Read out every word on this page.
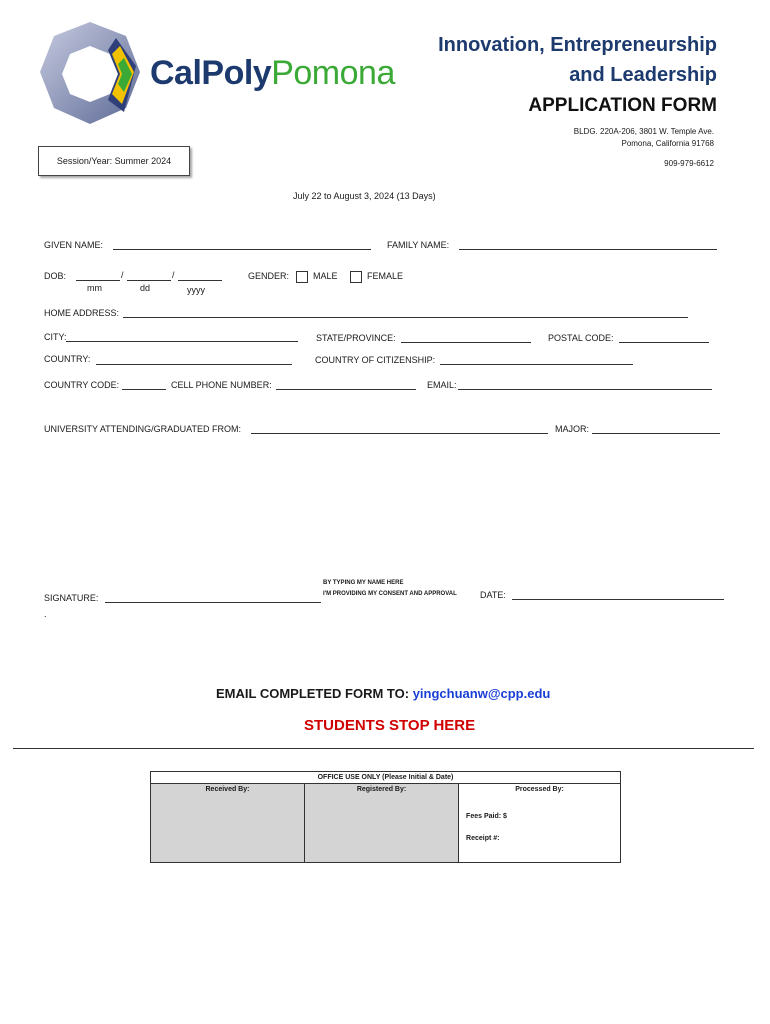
CalPolyPomona
Innovation, Entrepreneurship
and Leadership
APPLICATION FORM
BLDG. 220A-206, 3801 W. Temple Ave.
Pomona, California 91768
909-979-6612
Session/Year: Summer 2024
July 22 to August 3, 2024 (13 Days)
GIVEN NAME:	FAMILY NAME:
DOB:	/	/
mm	dd	yyyy
GENDER:	MALE	FEMALE
HOME ADDRESS:
CITY:	STATE/PROVINCE:	POSTAL CODE:
COUNTRY:	COUNTRY OF CITIZENSHIP:
COUNTRY CODE:	CELL PHONE NUMBER:	EMAIL:
UNIVERSITY ATTENDING/GRADUATED FROM:	MAJOR:
SIGNATURE:
BY TYPING MY NAME HERE
I'M PROVIDING MY CONSENT AND APPROVAL	DATE:
.
EMAIL COMPLETED FORM TO: yingchuanw@cpp.edu
STUDENTS STOP HERE
OFFICE USE ONLY (Please Initial & Date)
Received By:	Registered By:	Processed By:
Fees Paid: $
Receipt #:
